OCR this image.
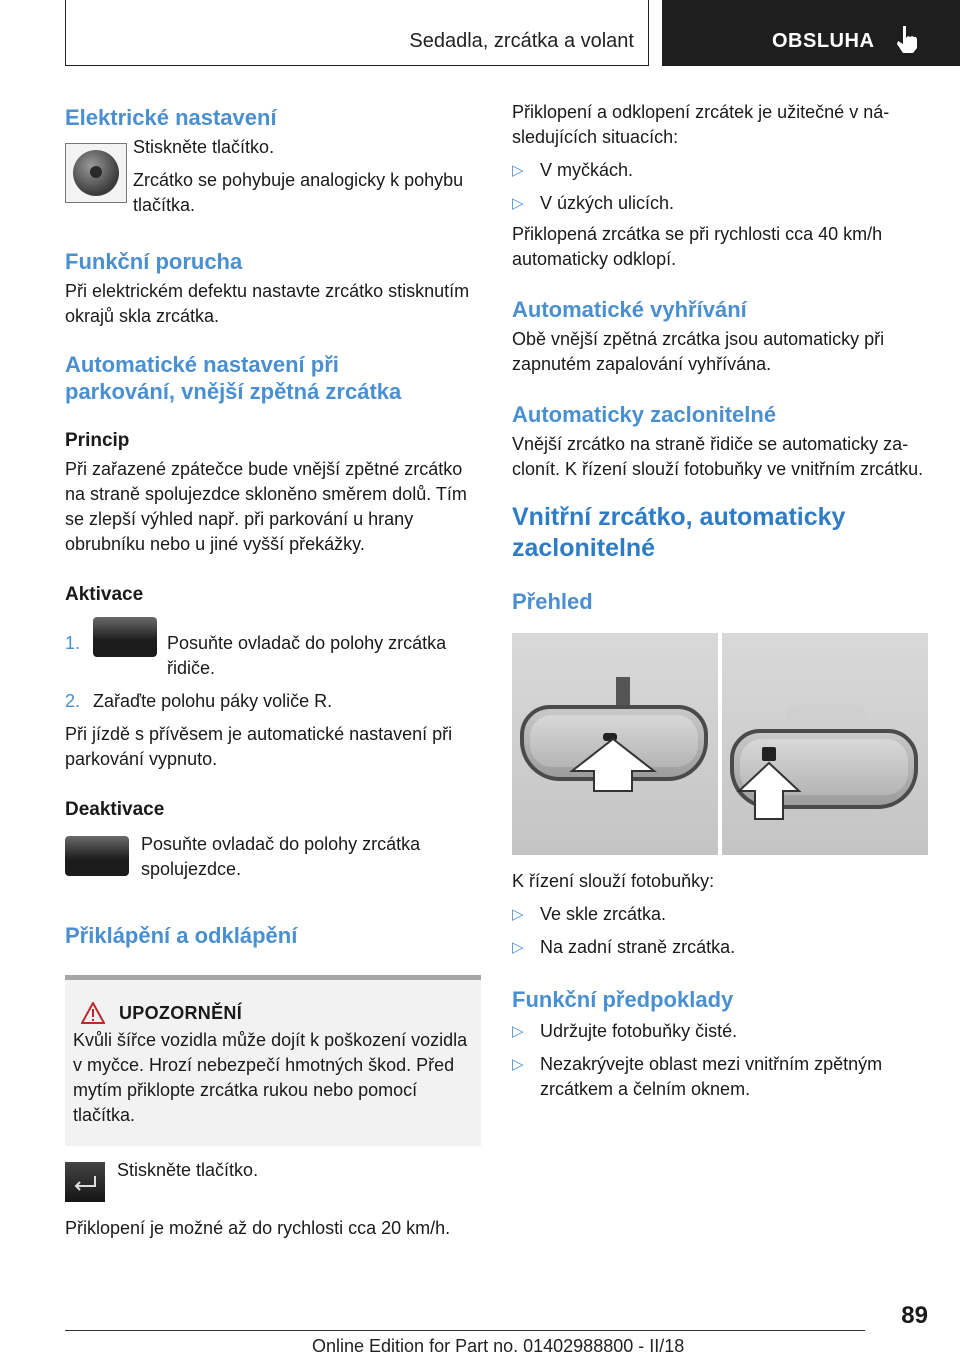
Sedadla, zrcátka a volant	OBSLUHA
Elektrické nastavení

Stiskněte tlačítko.

Zrcátko se pohybuje analogicky k pohybu tlačítka.

Funkční porucha

Při elektrickém defektu nastavte zrcátko stisknutím okrajů skla zrcátka.

Automatické nastavení při parkování, vnější zpětná zrcátka
Princip

Při zařazené zpátečce bude vnější zpětné zrcátko na straně spolujezdce skloněno směrem dolů. Tím se zlepší výhled např. při parkování u hrany obrubníku nebo u jiné vyšší překážky.

Aktivace
1.	Posuňte ovladač do polohy zrcátka řidiče.

2. Zařaďte polohu páky voliče R.

Při jízdě s přívěsem je automatické nastavení při parkování vypnuto.

Deaktivace

Posuňte ovladač do polohy zrcátka spolujezdce.

Přiklápění a odklápění
UPOZORNĚNÍ

Kvůli šířce vozidla může dojít k poškození vozidla v myčce. Hrozí nebezpečí hmotných škod. Před mytím přiklopte zrcátka rukou nebo pomocí tlačítka.

Stiskněte tlačítko.

Přiklopení je možné až do rychlosti cca 20 km/h.

Přiklopení a odklopení zrcátek je užitečné v následujících situacích:

▷ V myčkách.

▷ V úzkých ulicích.

Přiklopená zrcátka se při rychlosti cca 40 km/h automaticky odklopí.

Automatické vyhřívání

Obě vnější zpětná zrcátka jsou automaticky při zapnutém zapalování vyhřívána.

Automaticky zaclonitelné

Vnější zrcátko na straně řidiče se automaticky zaclonít. K řízení slouží fotobuňky ve vnitřním zrcátku.

Vnitřní zrcátko, automaticky zaclonitelné
Přehled

K řízení slouží fotobuňky:

▷ Ve skle zrcátka.

▷ Na zadní straně zrcátka.

Funkční předpoklady
▷ Udržujte fotobuňky čisté.

▷ Nezakrývejte oblast mezi vnitřním zpětným zrcátkem a čelním oknem.

89
Online Edition for Part no. 01402988800 - II/18
